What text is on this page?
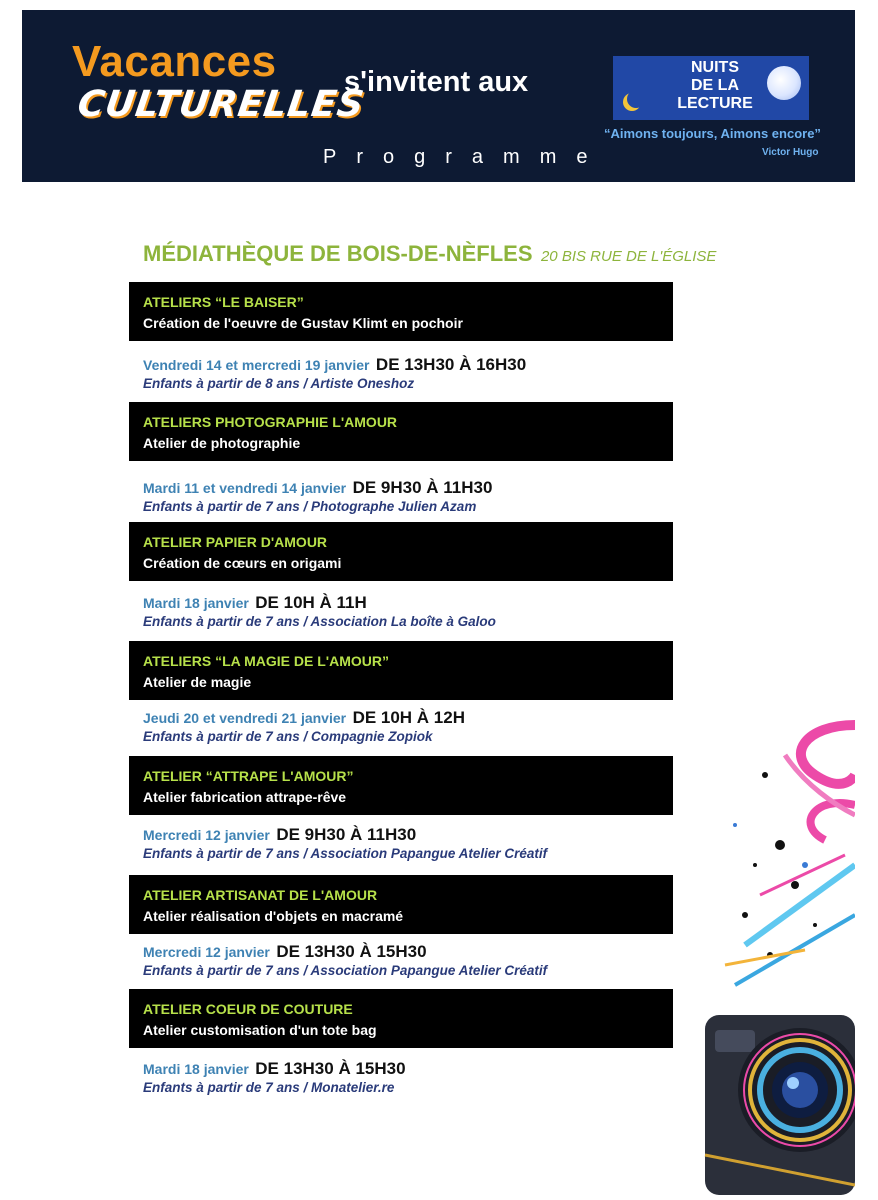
Vacances
CULTURELLES
s'invitent aux
Programme
NUITS
DE LA
LECTURE
“Aimons toujours, Aimons encore”
Victor Hugo
MÉDIATHÈQUE DE BOIS-DE-NÈFLES 20 BIS RUE DE L'ÉGLISE
ATELIERS “LE BAISER”
Création de l'oeuvre de Gustav Klimt en pochoir
Vendredi 14 et mercredi 19 janvier DE 13H30 À 16H30
Enfants à partir de 8 ans / Artiste Oneshoz
ATELIERS PHOTOGRAPHIE L'AMOUR
Atelier de photographie
Mardi 11 et vendredi 14 janvier DE 9H30 À 11H30
Enfants à partir de 7 ans / Photographe Julien Azam
ATELIER PAPIER D'AMOUR
Création de cœurs en origami
Mardi 18 janvier DE 10H À 11H
Enfants à partir de 7 ans / Association La boîte à Galoo
ATELIERS “LA MAGIE DE L'AMOUR”
Atelier de magie
Jeudi 20 et vendredi 21 janvier DE 10H À 12H
Enfants à partir de 7 ans / Compagnie Zopiok
ATELIER “ATTRAPE L'AMOUR”
Atelier fabrication attrape-rêve
Mercredi 12 janvier DE 9H30 À 11H30
Enfants à partir de 7 ans / Association Papangue Atelier Créatif
ATELIER ARTISANAT DE L'AMOUR
Atelier réalisation d'objets en macramé
Mercredi 12 janvier DE 13H30 À 15H30
Enfants à partir de 7 ans / Association Papangue Atelier Créatif
ATELIER COEUR DE COUTURE
Atelier customisation d'un tote bag
Mardi 18 janvier DE 13H30 À 15H30
Enfants à partir de 7 ans / Monatelier.re
